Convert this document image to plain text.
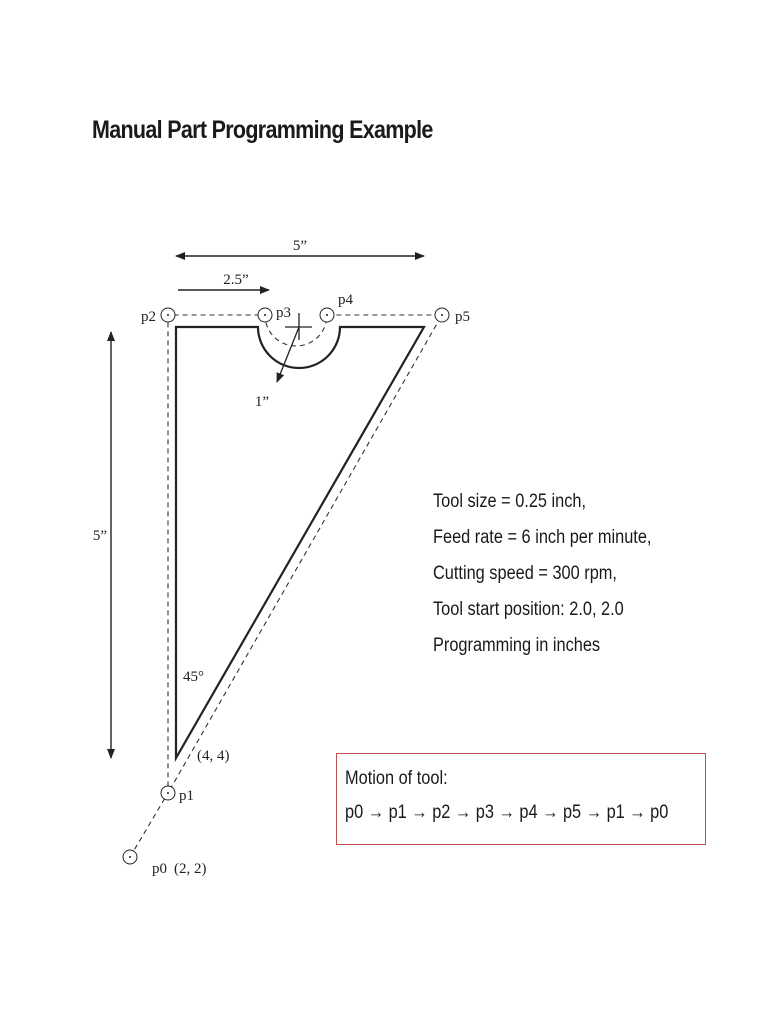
Manual Part Programming Example
5”
2.5”
5”
1”
45°
p2	p3
p4
p5
p1
(4, 4)
p0 (2, 2)
Tool size = 0.25 inch,
Feed rate = 6 inch per minute,
Cutting speed = 300 rpm,
Tool start position: 2.0, 2.0
Programming in inches
Motion of tool:
p0 → p1 → p2 → p3 → p4 → p5 → p1 → p0
